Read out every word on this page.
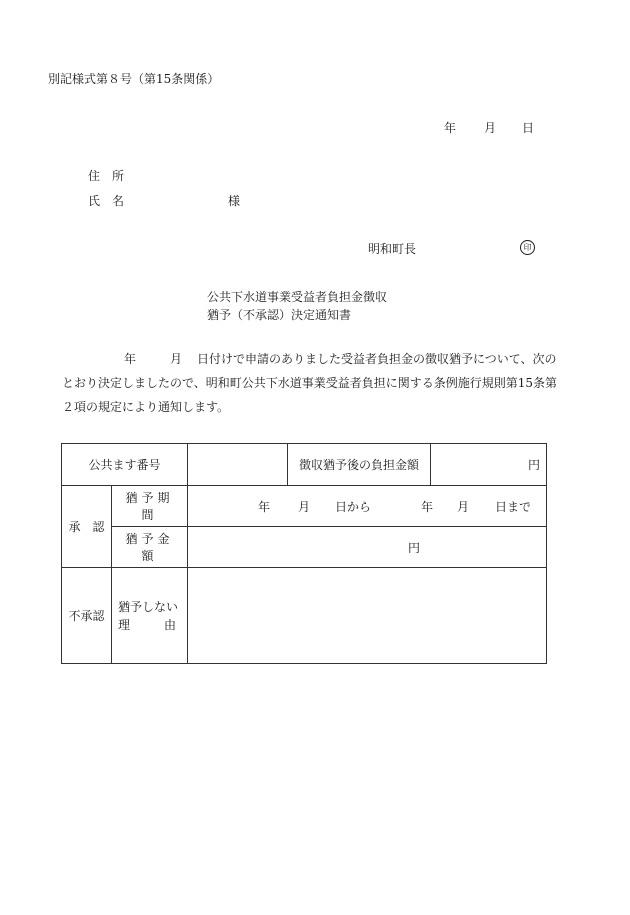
別記様式第８号（第15条関係）
年 月 日
住 所
氏 名	様
明和町長	印
公共下水道事業受益者負担金徴収
猶予（不承認）決定通知書
年	月 日付けで申請のありました受益者負担金の徴収猶予について、次のとおり決定しましたので、明和町公共下水道事業受益者負担に関する条例施行規則第15条第２項の規定により通知します。
公共ます番号			徴収猶予後の負担金額	円
承　認	猶予期間	年 月 日から 年 月 日まで		
	猶予金額	円		
不承認	猶予しない
理 由			
